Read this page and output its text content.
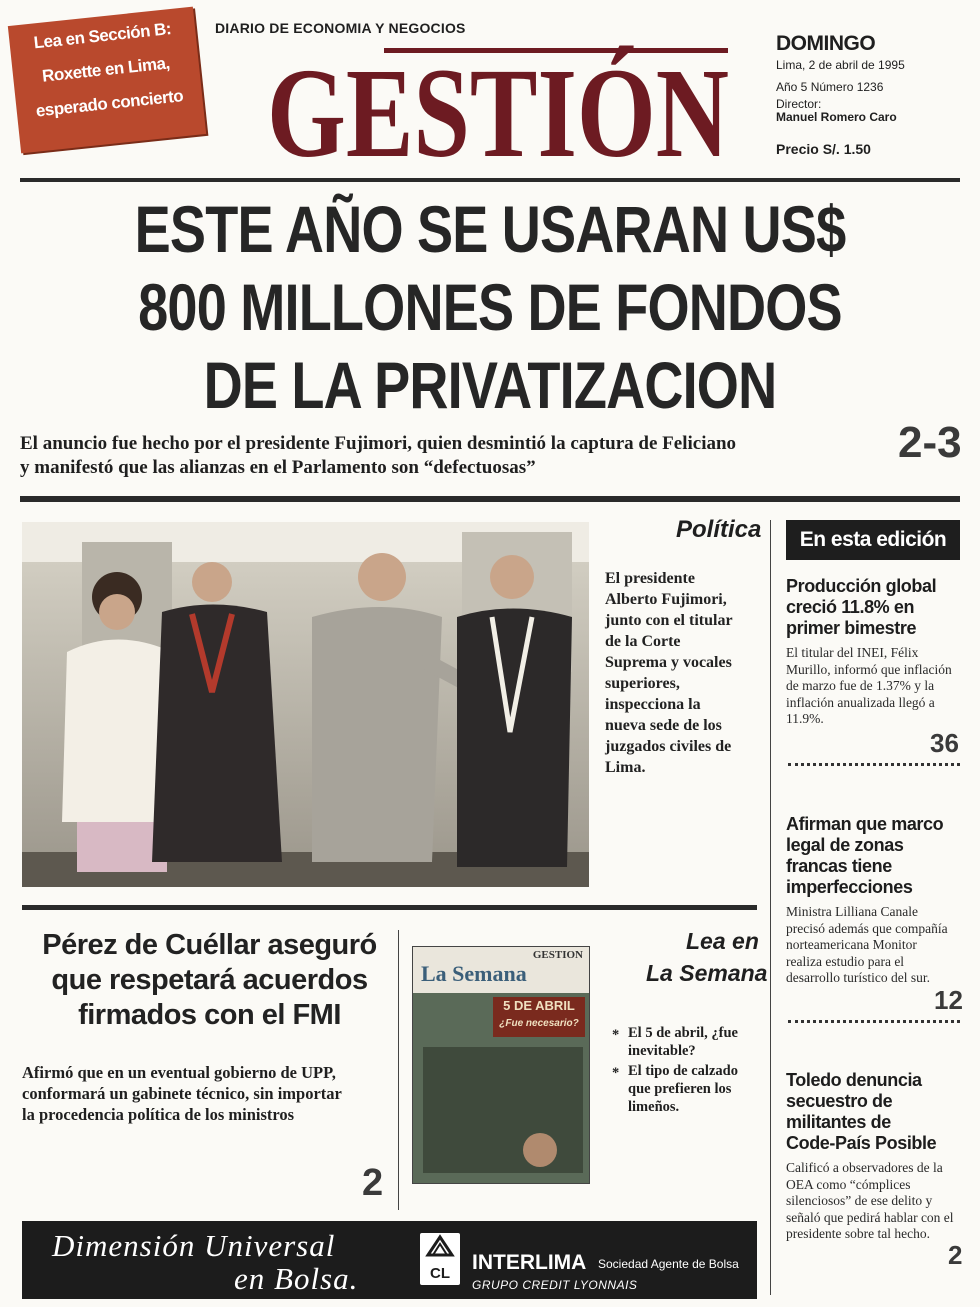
Lea en Sección B:
Roxette en Lima,
esperado concierto
DIARIO DE ECONOMIA Y NEGOCIOS
GESTIÓN DOMINGO
Lima, 2 de abril de 1995
Año 5 Número 1236
Director:
Manuel Romero Caro
Precio S/. 1.50
ESTE AÑO SE USARAN US$
800 MILLONES DE FONDOS
DE LA PRIVATIZACION
El anuncio fue hecho por el presidente Fujimori, quien desmintió la captura de Feliciano
y manifestó que las alianzas en el Parlamento son “defectuosas”
2-3
Política
El presidente
Alberto Fujimori,
junto con el titular
de la Corte
Suprema y vocales
superiores,
inspecciona la
nueva sede de los
juzgados civiles de
Lima.
En esta edición
Producción global
creció 11.8% en
primer bimestre
El titular del INEI, Félix
Murillo, informó que inflación
de marzo fue de 1.37% y la
inflación anualizada llegó a
11.9%.
36
Afirman que marco
legal de zonas
francas tiene
imperfecciones
Ministra Lilliana Canale
precisó además que compañía
norteamericana Monitor
realiza estudio para el
desarrollo turístico del sur.
12
Toledo denuncia
secuestro de
militantes de
Code-País Posible
Calificó a observadores de la
OEA como “cómplices
silenciosos” de ese delito y
señaló que pedirá hablar con el
presidente sobre tal hecho.
2
Pérez de Cuéllar aseguró
que respetará acuerdos
firmados con el FMI
Afirmó que en un eventual gobierno de UPP,
conformará un gabinete técnico, sin importar
la procedencia política de los ministros
2
GESTION
La Semana
5 DE ABRIL
¿Fue necesario?
Lea en
La Semana
* El 5 de abril, ¿fue
inevitable?
* El tipo de calzado
que prefieren los
limeños.
Dimensión Universal
en Bolsa.	CL	INTERLIMA Sociedad Agente de Bolsa
GRUPO CREDIT LYONNAIS
